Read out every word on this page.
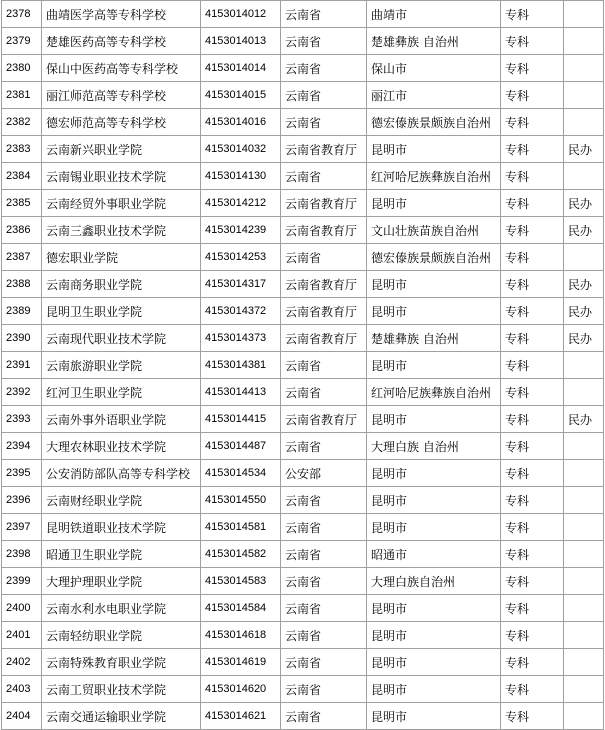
2378	曲靖医学高等专科学校	4153014012	云南省	曲靖市	专科	
2379	楚雄医药高等专科学校	4153014013	云南省	楚雄彝族 自治州	专科	
2380	保山中医药高等专科学校	4153014014	云南省	保山市	专科	
2381	丽江师范高等专科学校	4153014015	云南省	丽江市	专科	
2382	德宏师范高等专科学校	4153014016	云南省	德宏傣族景颇族自治州	专科	
2383	云南新兴职业学院	4153014032	云南省教育厅	昆明市	专科	民办
2384	云南锡业职业技术学院	4153014130	云南省	红河哈尼族彝族自治州	专科	
2385	云南经贸外事职业学院	4153014212	云南省教育厅	昆明市	专科	民办
2386	云南三鑫职业技术学院	4153014239	云南省教育厅	文山壮族苗族自治州	专科	民办
2387	德宏职业学院	4153014253	云南省	德宏傣族景颇族自治州	专科	
2388	云南商务职业学院	4153014317	云南省教育厅	昆明市	专科	民办
2389	昆明卫生职业学院	4153014372	云南省教育厅	昆明市	专科	民办
2390	云南现代职业技术学院	4153014373	云南省教育厅	楚雄彝族 自治州	专科	民办
2391	云南旅游职业学院	4153014381	云南省	昆明市	专科	
2392	红河卫生职业学院	4153014413	云南省	红河哈尼族彝族自治州	专科	
2393	云南外事外语职业学院	4153014415	云南省教育厅	昆明市	专科	民办
2394	大理农林职业技术学院	4153014487	云南省	大理白族 自治州	专科	
2395	公安消防部队高等专科学校	4153014534	公安部	昆明市	专科	
2396	云南财经职业学院	4153014550	云南省	昆明市	专科	
2397	昆明铁道职业技术学院	4153014581	云南省	昆明市	专科	
2398	昭通卫生职业学院	4153014582	云南省	昭通市	专科	
2399	大理护理职业学院	4153014583	云南省	大理白族自治州	专科	
2400	云南水利水电职业学院	4153014584	云南省	昆明市	专科	
2401	云南轻纺职业学院	4153014618	云南省	昆明市	专科	
2402	云南特殊教育职业学院	4153014619	云南省	昆明市	专科	
2403	云南工贸职业技术学院	4153014620	云南省	昆明市	专科	
2404	云南交通运输职业学院	4153014621	云南省	昆明市	专科	
